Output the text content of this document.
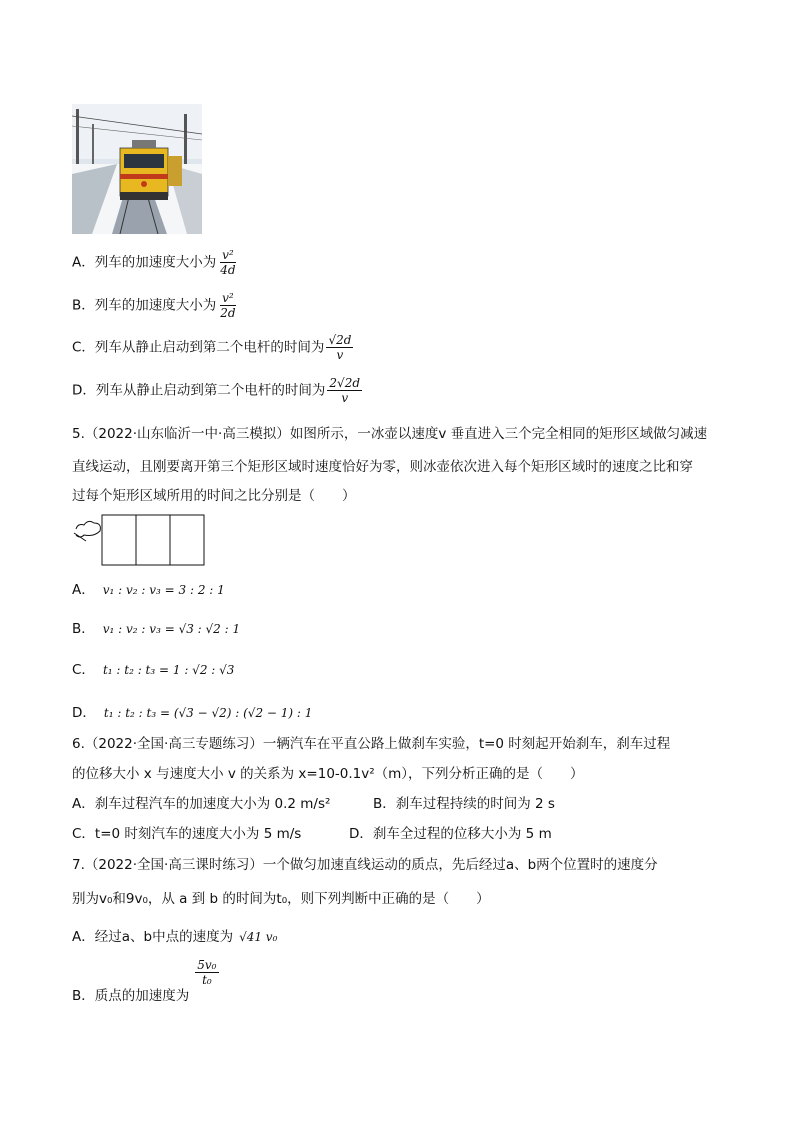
A．列车的加速度大小为 $\frac{\text{v²}}{4d}$
B．列车的加速度大小为 $\frac{\text{v²}}{2d}$
C．列车从静止启动到第二个电杆的时间为 $\frac{√2d}{v}$
D．列车从静止启动到第二个电杆的时间为 $\frac{2√2d}{v}$
5.（2022·山东临沂一中·高三模拟）如图所示，一冰壶以速度v 垂直进入三个完全相同的矩形区域做匀减速
直线运动，且刚要离开第三个矩形区域时速度恰好为零，则冰壶依次进入每个矩形区域时的速度之比和穿
过每个矩形区域所用的时间之比分别是（　　）
A． v₁ : v₂ : v₃ = 3 : 2 : 1
B． v₁ : v₂ : v₃ = √3 : √2 : 1
C． t₁ : t₂ : t₃ = 1 : √2 : √3
D． t₁ : t₂ : t₃ = (√3 − √2) : (√2 − 1) : 1
6.（2022·全国·高三专题练习）一辆汽车在平直公路上做刹车实验，t=0 时刻起开始刹车，刹车过程
的位移大小 x 与速度大小 v 的关系为 x=10-0.1v²（m），下列分析正确的是（　　）
A．刹车过程汽车的加速度大小为 0.2 m/s²	B．刹车过程持续的时间为 2 s
C．t=0 时刻汽车的速度大小为 5 m/s	D．刹车全过程的位移大小为 5 m
7.（2022·全国·高三课时练习）一个做匀加速直线运动的质点，先后经过a、b两个位置时的速度分
别为v₀和9v₀，从 a 到 b 的时间为t₀，则下列判断中正确的是（　　）
A．经过a、b中点的速度为 √41 v₀
B．质点的加速度为
$\frac{\text{5v₀}}{\text{t₀}}$
